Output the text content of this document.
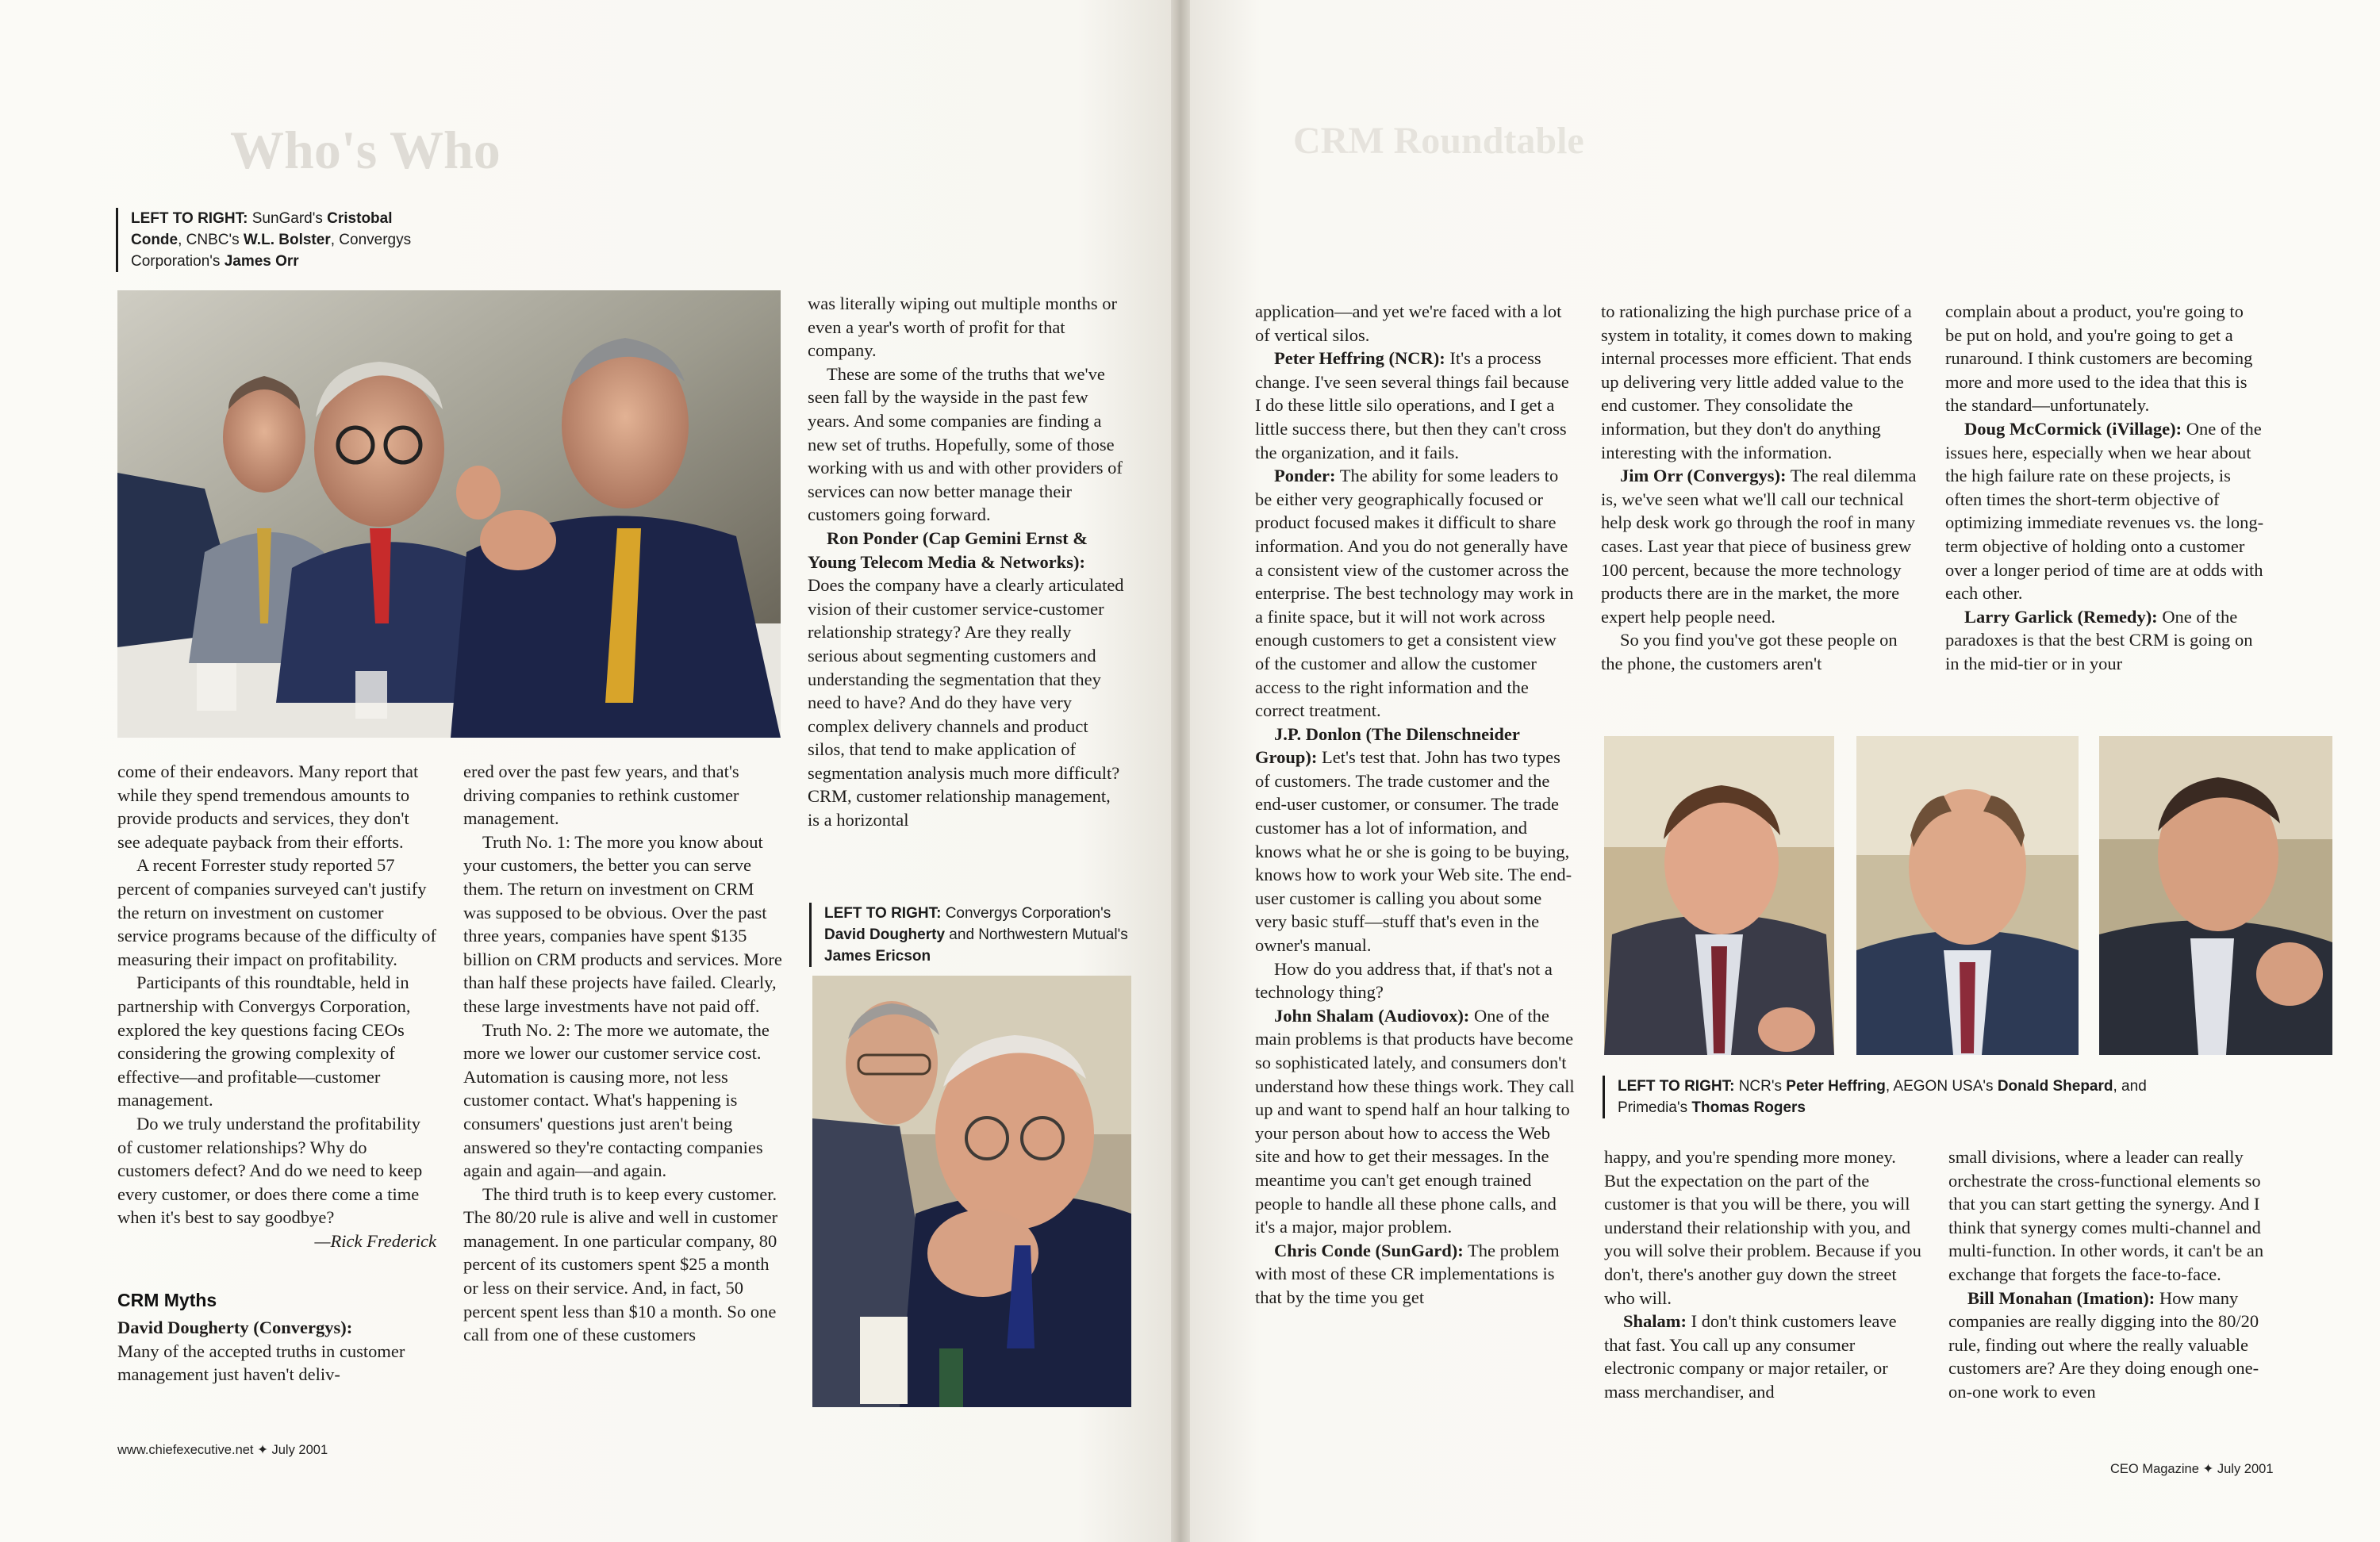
Who's Who
LEFT TO RIGHT: SunGard's Cristobal Conde, CNBC's W.L. Bolster, Convergys Corporation's James Orr

come of their endeavors. Many report that while they spend tremendous amounts to provide products and services, they don't see adequate payback from their efforts.

A recent Forrester study reported 57 percent of companies surveyed can't justify the return on investment on customer service programs because of the difficulty of measuring their impact on profitability.

Participants of this roundtable, held in partnership with Convergys Corporation, explored the key questions facing CEOs considering the growing complexity of effective—and profitable—customer management.

Do we truly understand the profitability of customer relationships? Why do customers defect? And do we need to keep every customer, or does there come a time when it's best to say goodbye?

—Rick Frederick

CRM Myths

David Dougherty (Convergys):

Many of the accepted truths in customer management just haven't deliv-

ered over the past few years, and that's driving companies to rethink customer management.

Truth No. 1: The more you know about your customers, the better you can serve them. The return on investment on CRM was supposed to be obvious. Over the past three years, companies have spent $135 billion on CRM products and services. More than half these projects have failed. Clearly, these large investments have not paid off.

Truth No. 2: The more we automate, the more we lower our customer service cost. Automation is causing more, not less customer contact. What's happening is consumers' questions just aren't being answered so they're contacting companies again and again—and again.

The third truth is to keep every customer. The 80/20 rule is alive and well in customer management. In one particular company, 80 percent of its customers spent $25 a month or less on their service. And, in fact, 50 percent spent less than $10 a month. So one call from one of these customers

was literally wiping out multiple months or even a year's worth of profit for that company.

These are some of the truths that we've seen fall by the wayside in the past few years. And some companies are finding a new set of truths. Hopefully, some of those working with us and with other providers of services can now better manage their customers going forward.

Ron Ponder (Cap Gemini Ernst & Young Telecom Media & Networks): Does the company have a clearly articulated vision of their customer service-customer relationship strategy? Are they really serious about segmenting customers and understanding the segmentation that they need to have? And do they have very complex delivery channels and product silos, that tend to make application of segmentation analysis much more difficult? CRM, customer relationship management, is a horizontal

LEFT TO RIGHT: Convergys Corporation's David Dougherty and Northwestern Mutual's James Ericson
www.chiefexecutive.net ✦ July 2001
CRM Roundtable

application—and yet we're faced with a lot of vertical silos.

Peter Heffring (NCR): It's a process change. I've seen several things fail because I do these little silo operations, and I get a little success there, but then they can't cross the organization, and it fails.

Ponder: The ability for some leaders to be either very geographically focused or product focused makes it difficult to share information. And you do not generally have a consistent view of the customer across the enterprise. The best technology may work in a finite space, but it will not work across enough customers to get a consistent view of the customer and allow the customer access to the right information and the correct treatment.

J.P. Donlon (The Dilenschneider Group): Let's test that. John has two types of customers. The trade customer and the end-user customer, or consumer. The trade customer has a lot of information, and knows what he or she is going to be buying, knows how to work your Web site. The end-user customer is calling you about some very basic stuff—stuff that's even in the owner's manual.

How do you address that, if that's not a technology thing?

John Shalam (Audiovox): One of the main problems is that products have become so sophisticated lately, and consumers don't understand how these things work. They call up and want to spend half an hour talking to your person about how to access the Web site and how to get their messages. In the meantime you can't get enough trained people to handle all these phone calls, and it's a major, major problem.

Chris Conde (SunGard): The problem with most of these CR implementations is that by the time you get

to rationalizing the high purchase price of a system in totality, it comes down to making internal processes more efficient. That ends up delivering very little added value to the end customer. They consolidate the information, but they don't do anything interesting with the information.

Jim Orr (Convergys): The real dilemma is, we've seen what we'll call our technical help desk work go through the roof in many cases. Last year that piece of business grew 100 percent, because the more technology products there are in the market, the more expert help people need.

So you find you've got these people on the phone, the customers aren't

complain about a product, you're going to be put on hold, and you're going to get a runaround. I think customers are becoming more and more used to the idea that this is the standard—unfortunately.

Doug McCormick (iVillage): One of the issues here, especially when we hear about the high failure rate on these projects, is often times the short-term objective of optimizing immediate revenues vs. the long-term objective of holding onto a customer over a longer period of time are at odds with each other.

Larry Garlick (Remedy): One of the paradoxes is that the best CRM is going on in the mid-tier or in your

LEFT TO RIGHT: NCR's Peter Heffring, AEGON USA's Donald Shepard, and Primedia's Thomas Rogers

happy, and you're spending more money. But the expectation on the part of the customer is that you will be there, you will understand their relationship with you, and you will solve their problem. Because if you don't, there's another guy down the street who will.

Shalam: I don't think customers leave that fast. You call up any consumer electronic company or major retailer, or mass merchandiser, and

small divisions, where a leader can really orchestrate the cross-functional elements so that you can start getting the synergy. And I think that synergy comes multi-channel and multi-function. In other words, it can't be an exchange that forgets the face-to-face.

Bill Monahan (Imation): How many companies are really digging into the 80/20 rule, finding out where the really valuable customers are? Are they doing enough one-on-one work to even

CEO Magazine ✦ July 2001
